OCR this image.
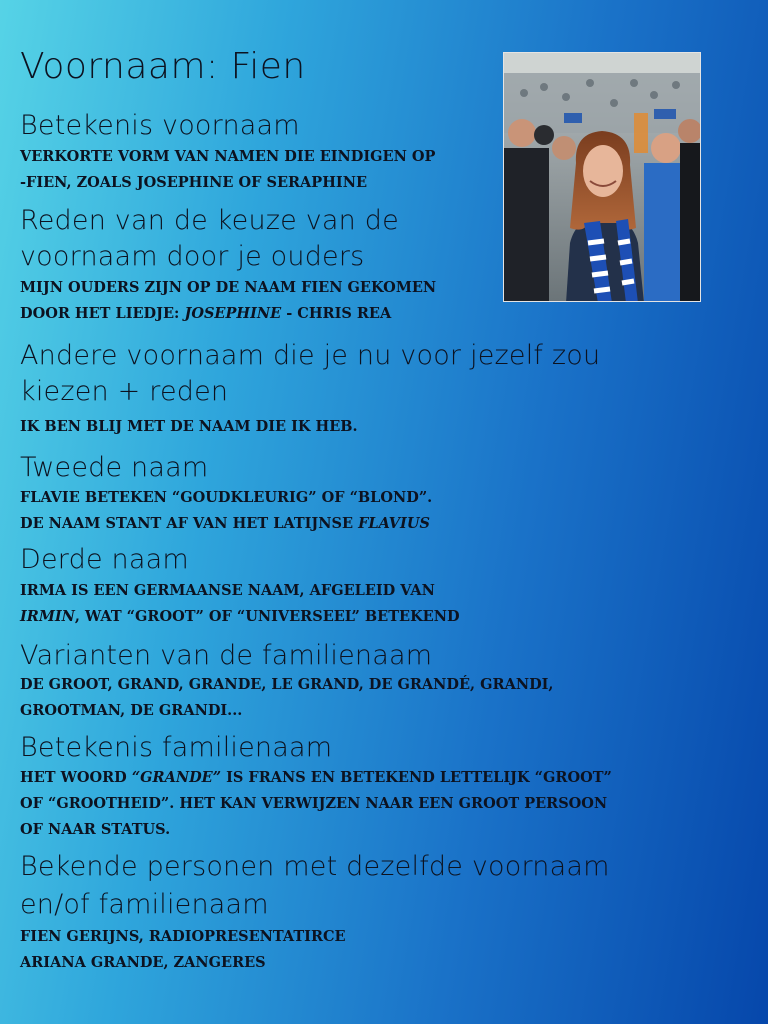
Voornaam: Fien
Betekenis voornaam

VERKORTE VORM VAN NAMEN DIE EINDIGEN OP
-FIEN, ZOALS JOSEPHINE OF SERAPHINE

Reden van de keuze van de
voornaam door je ouders

MIJN OUDERS ZIJN OP DE NAAM FIEN GEKOMEN
DOOR HET LIEDJE: JOSEPHINE - CHRIS REA

Andere voornaam die je nu voor jezelf zou
kiezen + reden

IK BEN BLIJ MET DE NAAM DIE IK HEB.

Tweede naam

FLAVIE BETEKEN “GOUDKLEURIG” OF “BLOND”.
DE NAAM STANT AF VAN HET LATIJNSE FLAVIUS

Derde naam

IRMA IS EEN GERMAANSE NAAM, AFGELEID VAN
IRMIN, WAT “GROOT” OF “UNIVERSEEL” BETEKEND

Varianten van de familienaam

DE GROOT, GRAND, GRANDE, LE GRAND, DE GRANDÉ, GRANDI,
GROOTMAN, DE GRANDI...

Betekenis familienaam

HET WOORD “GRANDE” IS FRANS EN BETEKEND LETTELIJK “GROOT”
OF “GROOTHEID”. HET KAN VERWIJZEN NAAR EEN GROOT PERSOON
OF NAAR STATUS.

Bekende personen met dezelfde voornaam
en/of familienaam

FIEN GERIJNS, RADIOPRESENTATIRCE
ARIANA GRANDE, ZANGERES
